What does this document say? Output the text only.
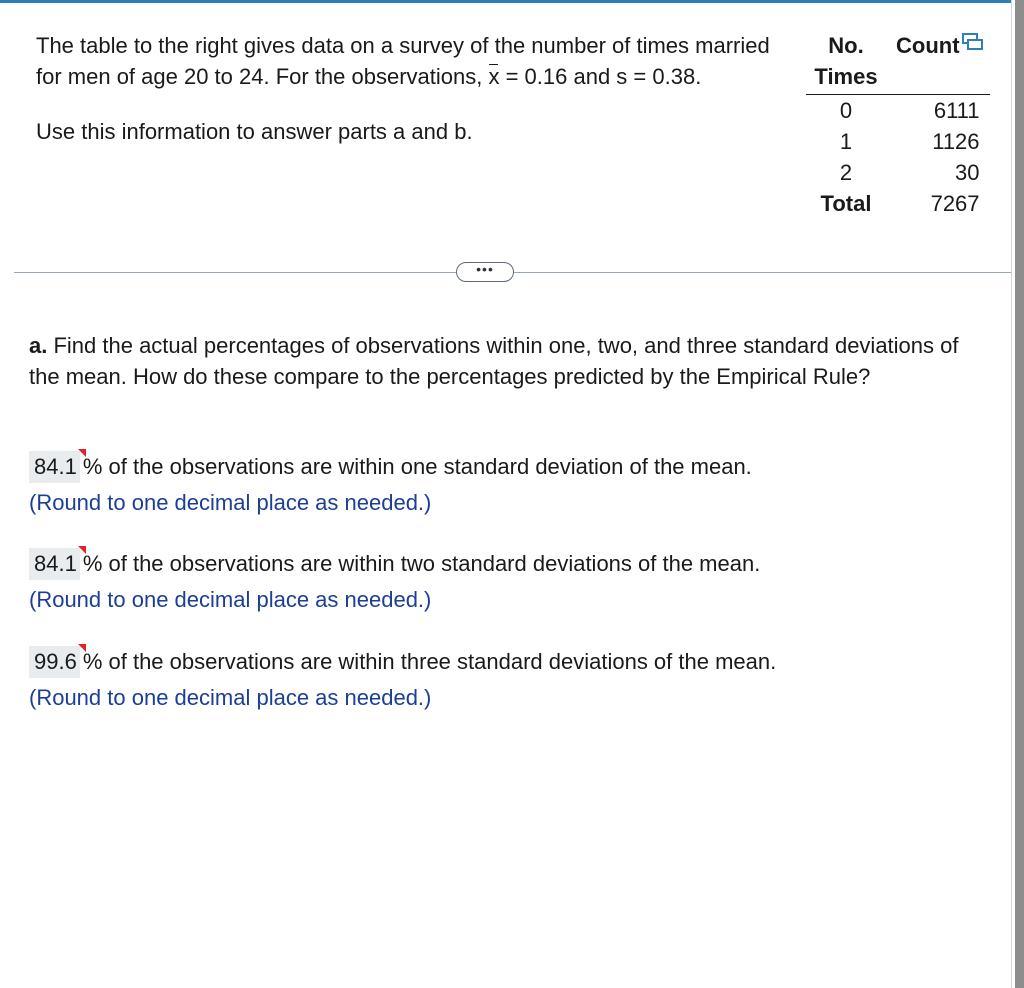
The table to the right gives data on a survey of the number of times married for men of age 20 to 24. For the observations, x = 0.16 and s = 0.38.

Use this information to answer parts a and b.

No.
Times	Count
0	6111
1	1126
2	30
Total	7267
•••

a. Find the actual percentages of observations within one, two, and three standard deviations of the mean. How do these compare to the percentages predicted by the Empirical Rule?

84.1 % of the observations are within one standard deviation of the mean.
(Round to one decimal place as needed.)
84.1 % of the observations are within two standard deviations of the mean.
(Round to one decimal place as needed.)
99.6 % of the observations are within three standard deviations of the mean.
(Round to one decimal place as needed.)
